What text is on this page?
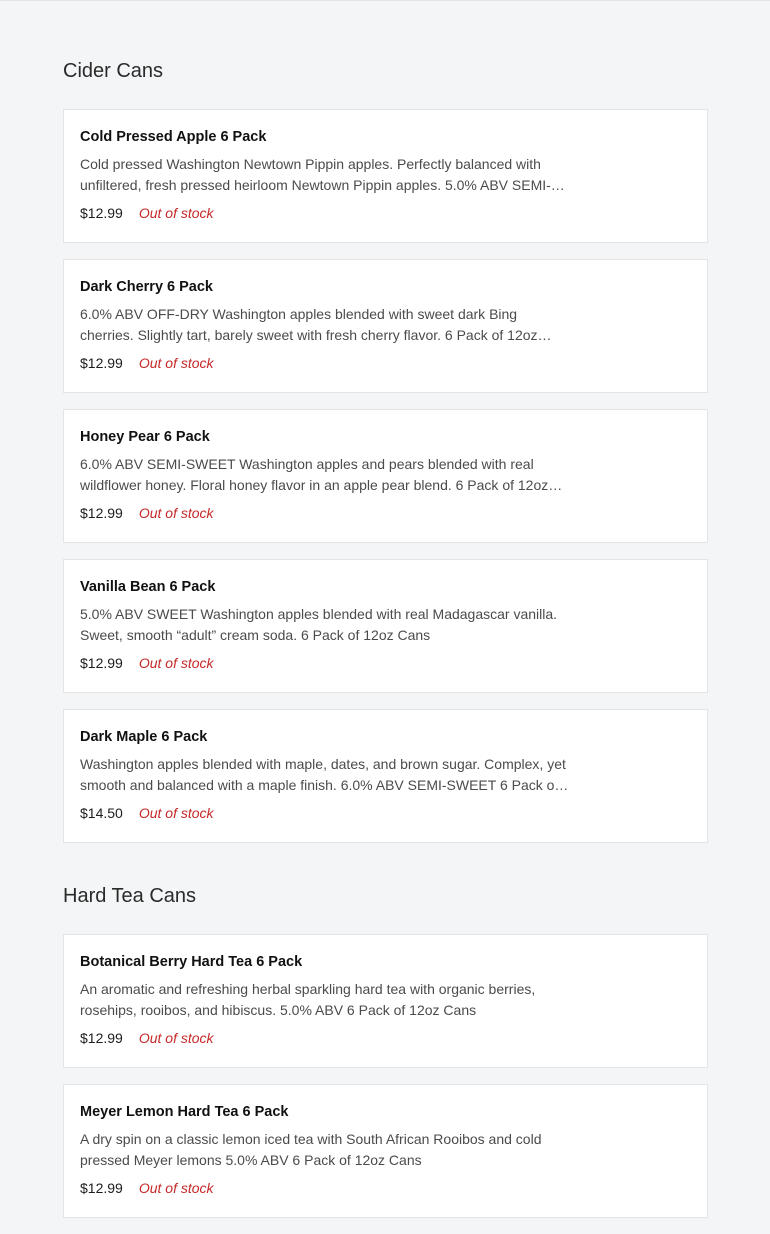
Cider Cans
Cold Pressed Apple 6 Pack
Cold pressed Washington Newtown Pippin apples. Perfectly balanced with unfiltered, fresh pressed heirloom Newtown Pippin apples. 5.0% ABV SEMI-
$12.99 Out of stock
Dark Cherry 6 Pack
6.0% ABV OFF-DRY Washington apples blended with sweet dark Bing cherries. Slightly tart, barely sweet with fresh cherry flavor. 6 Pack of 12oz
$12.99 Out of stock
Honey Pear 6 Pack
6.0% ABV SEMI-SWEET Washington apples and pears blended with real wildflower honey. Floral honey flavor in an apple pear blend. 6 Pack of 12oz
$12.99 Out of stock
Vanilla Bean 6 Pack
5.0% ABV SWEET Washington apples blended with real Madagascar vanilla. Sweet, smooth “adult” cream soda. 6 Pack of 12oz Cans
$12.99 Out of stock
Dark Maple 6 Pack
Washington apples blended with maple, dates, and brown sugar. Complex, yet smooth and balanced with a maple finish. 6.0% ABV SEMI-SWEET 6 Pack of
$14.50 Out of stock
Hard Tea Cans
Botanical Berry Hard Tea 6 Pack
An aromatic and refreshing herbal sparkling hard tea with organic berries, rosehips, rooibos, and hibiscus. 5.0% ABV 6 Pack of 12oz Cans
$12.99 Out of stock
Meyer Lemon Hard Tea 6 Pack
A dry spin on a classic lemon iced tea with South African Rooibos and cold pressed Meyer lemons 5.0% ABV 6 Pack of 12oz Cans
$12.99 Out of stock
